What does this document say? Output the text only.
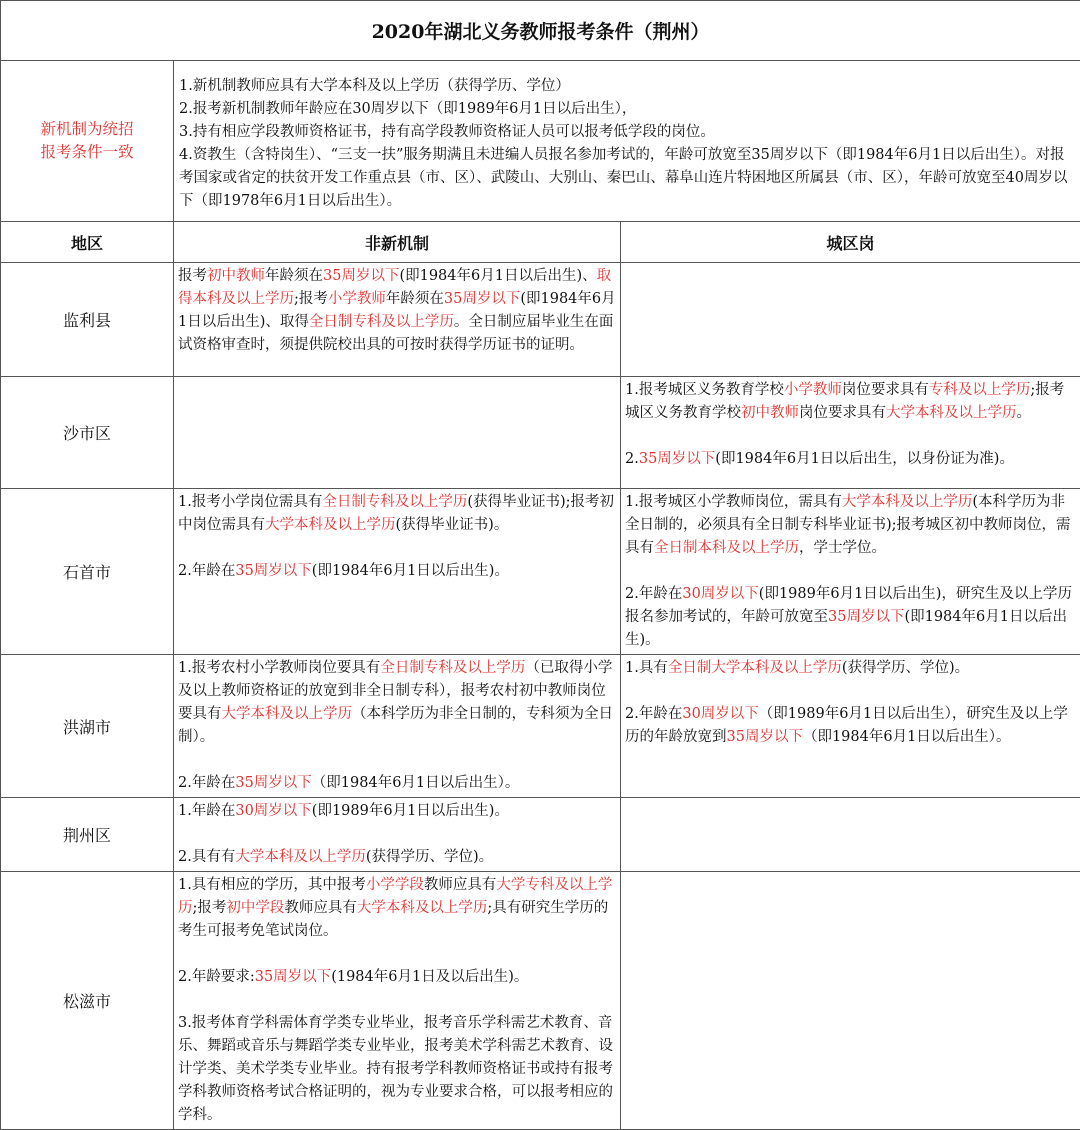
2020年湖北义务教师报考条件（荆州）		

新机制为统招
报考条件一致	1.新机制教师应具有大学本科及以上学历（获得学历、学位）
2.报考新机制教师年龄应在30周岁以下（即1989年6月1日以后出生），
3.持有相应学段教师资格证书，持有高学段教师资格证人员可以报考低学段的岗位。
4.资教生（含特岗生）、“三支一扶”服务期满且未进编人员报名参加考试的，年龄可放宽至35周岁以下（即1984年6月1日以后出生）。对报考国家或省定的扶贫开发工作重点县（市、区）、武陵山、大别山、秦巴山、幕阜山连片特困地区所属县（市、区），年龄可放宽至40周岁以下（即1978年6月1日以后出生）。	

地区	非新机制	城区岗
监利县	报考初中教师年龄须在35周岁以下(即1984年6月1日以后出生)、取得本科及以上学历;报考小学教师年龄须在35周岁以下(即1984年6月1日以后出生)、取得全日制专科及以上学历。全日制应届毕业生在面试资格审查时，须提供院校出具的可按时获得学历证书的证明。	

沙市区		1.报考城区义务教育学校小学教师岗位要求具有专科及以上学历;报考城区义务教育学校初中教师岗位要求具有大学本科及以上学历。
2.35周岁以下(即1984年6月1日以后出生，以身份证为准)。

石首市	1.报考小学岗位需具有全日制专科及以上学历(获得毕业证书);报考初中岗位需具有大学本科及以上学历(获得毕业证书)。
2.年龄在35周岁以下(即1984年6月1日以后出生)。	1.报考城区小学教师岗位，需具有大学本科及以上学历(本科学历为非全日制的，必须具有全日制专科毕业证书);报考城区初中教师岗位，需具有全日制本科及以上学历，学士学位。
2.年龄在30周岁以下(即1989年6月1日以后出生)，研究生及以上学历报名参加考试的，年龄可放宽至35周岁以下(即1984年6月1日以后出生)。

洪湖市	1.报考农村小学教师岗位要具有全日制专科及以上学历（已取得小学及以上教师资格证的放宽到非全日制专科），报考农村初中教师岗位要具有大学本科及以上学历（本科学历为非全日制的，专科须为全日制）。
2.年龄在35周岁以下（即1984年6月1日以后出生）。	1.具有全日制大学本科及以上学历(获得学历、学位)。
2.年龄在30周岁以下（即1989年6月1日以后出生），研究生及以上学历的年龄放宽到35周岁以下（即1984年6月1日以后出生）。

荆州区	1.年龄在30周岁以下(即1989年6月1日以后出生)。
2.具有有大学本科及以上学历(获得学历、学位)。	

松滋市	1.具有相应的学历，其中报考小学学段教师应具有大学专科及以上学历;报考初中学段教师应具有大学本科及以上学历;具有研究生学历的考生可报考免笔试岗位。
2.年龄要求:35周岁以下(1984年6月1日及以后出生)。
3.报考体育学科需体育学类专业毕业，报考音乐学科需艺术教育、音乐、舞蹈或音乐与舞蹈学类专业毕业，报考美术学科需艺术教育、设计学类、美术学类专业毕业。持有报考学科教师资格证书或持有报考学科教师资格考试合格证明的，视为专业要求合格，可以报考相应的学科。	
